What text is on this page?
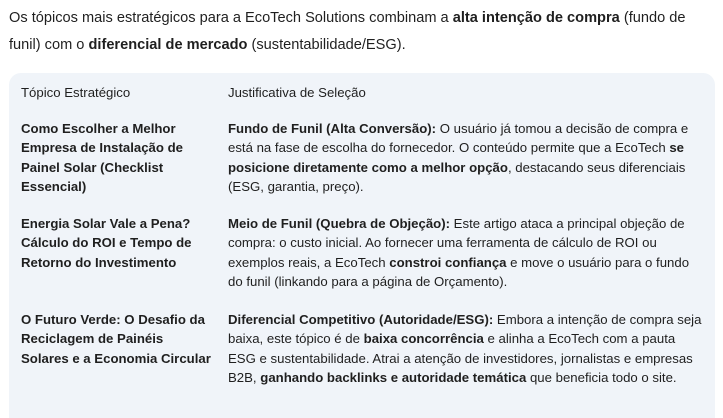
Os tópicos mais estratégicos para a EcoTech Solutions combinam a alta intenção de compra (fundo de funil) com o diferencial de mercado (sustentabilidade/ESG).
Tópico Estratégico	Justificativa de Seleção
Como Escolher a Melhor Empresa de Instalação de Painel Solar (Checklist Essencial)
Fundo de Funil (Alta Conversão): O usuário já tomou a decisão de compra e está na fase de escolha do fornecedor. O conteúdo permite que a EcoTech se posicione diretamente como a melhor opção, destacando seus diferenciais (ESG, garantia, preço).
Energia Solar Vale a Pena? Cálculo do ROI e Tempo de Retorno do Investimento
Meio de Funil (Quebra de Objeção): Este artigo ataca a principal objeção de compra: o custo inicial. Ao fornecer uma ferramenta de cálculo de ROI ou exemplos reais, a EcoTech constroi confiança e move o usuário para o fundo do funil (linkando para a página de Orçamento).
O Futuro Verde: O Desafio da Reciclagem de Painéis Solares e a Economia Circular
Diferencial Competitivo (Autoridade/ESG): Embora a intenção de compra seja baixa, este tópico é de baixa concorrência e alinha a EcoTech com a pauta ESG e sustentabilidade. Atrai a atenção de investidores, jornalistas e empresas B2B, ganhando backlinks e autoridade temática que beneficia todo o site.
